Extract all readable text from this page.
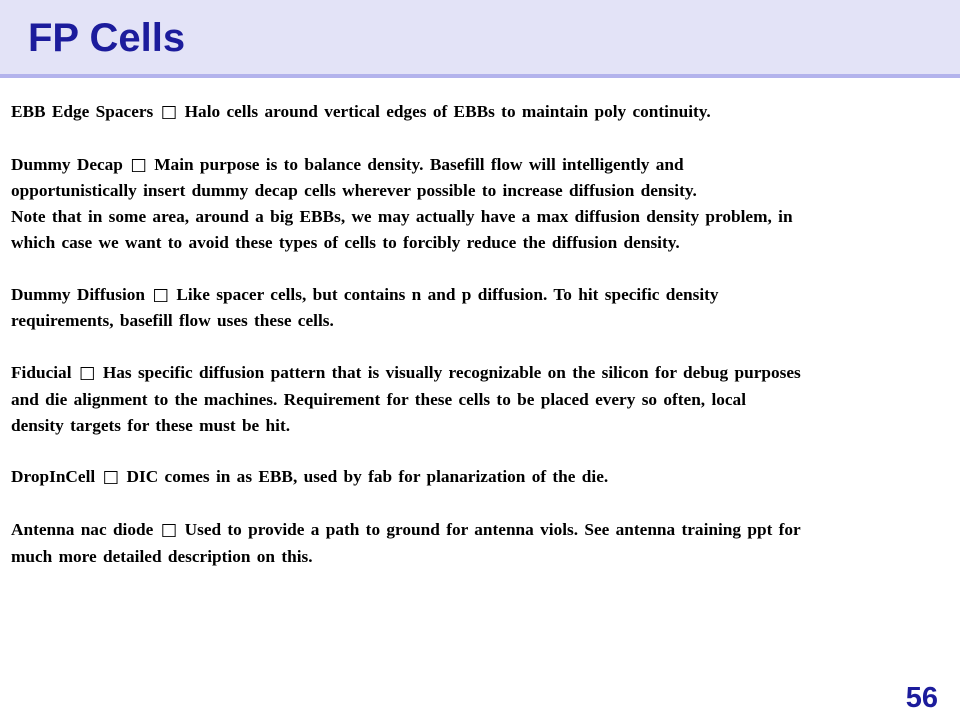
FP Cells

EBB Edge Spacers □ Halo cells around vertical edges of EBBs to maintain poly continuity.

Dummy Decap □ Main purpose is to balance density. Basefill flow will intelligently and
opportunistically insert dummy decap cells wherever possible to increase diffusion density.
Note that in some area, around a big EBBs, we may actually have a max diffusion density problem, in
which case we want to avoid these types of cells to forcibly reduce the diffusion density.

Dummy Diffusion □ Like spacer cells, but contains n and p diffusion. To hit specific density
requirements, basefill flow uses these cells.

Fiducial □ Has specific diffusion pattern that is visually recognizable on the silicon for debug purposes
and die alignment to the machines. Requirement for these cells to be placed every so often, local
density targets for these must be hit.

DropInCell □ DIC comes in as EBB, used by fab for planarization of the die.

Antenna nac diode □ Used to provide a path to ground for antenna viols. See antenna training ppt for
much more detailed description on this.

56
